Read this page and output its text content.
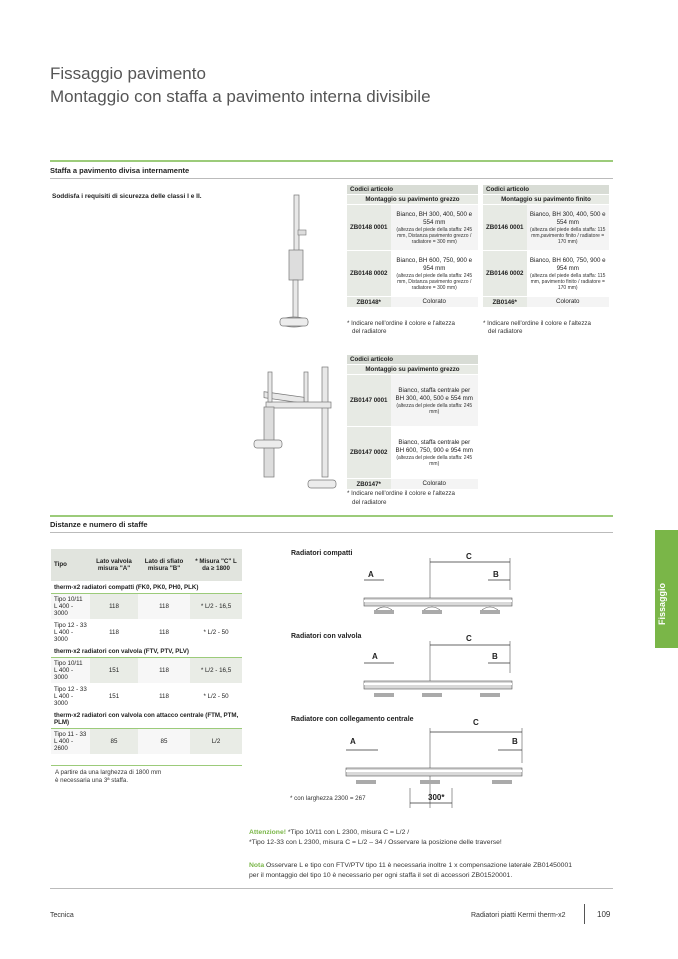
Fissaggio pavimento
Montaggio con staffa a pavimento interna divisibile
Staffa a pavimento divisa internamente
Soddisfa i requisiti di sicurezza delle classi I e II.
Codici articolo	
Montaggio su pavimento grezzo	
ZB0148 0001	Bianco, BH 300, 400, 500 e 554 mm
(altezza del piede della staffa: 245 mm, Distanza pavimento grezzo / radiatore = 300 mm)

ZB0148 0002	Bianco, BH 600, 750, 900 e 954 mm
(altezza del piede della staffa: 245 mm, Distanza pavimento grezzo / radiatore = 300 mm)

ZB0148*	Colorato
* Indicare nell'ordine il colore e l'altezza
del radiatore
Codici articolo	
Montaggio su pavimento finito	
ZB0146 0001	Bianco, BH 300, 400, 500 e 554 mm
(altezza del piede della staffa: 115 mm,pavimento finito / radiatore = 170 mm)

ZB0146 0002	Bianco, BH 600, 750, 900 e 954 mm
(altezza del piede della staffa: 115 mm, pavimento finito / radiatore = 170 mm)

ZB0146*	Colorato
* Indicare nell'ordine il colore e l'altezza
del radiatore
Codici articolo	
Montaggio su pavimento grezzo	
ZB0147 0001	Bianco, staffa centrale per BH 300, 400, 500 e 554 mm
(altezza del piede della staffa: 245 mm)

ZB0147 0002	Bianco, staffa centrale per BH 600, 750, 900 e 954 mm
(altezza del piede della staffa: 245 mm)

ZB0147*	Colorato
* Indicare nell'ordine il colore e l'altezza
del radiatore
Distanze e numero di staffe
Tipo	Lato valvola misura "A"	Lato di sfiato misura "B"	* Misura "C" L da ≥ 1800
therm-x2 radiatori compatti (FK0, PK0, PH0, PLK)			
Tipo 10/11
L 400 - 3000	118	118	* L/2 - 16,5
Tipo 12 - 33
L 400 - 3000	118	118	* L/2 - 50
therm-x2 radiatori con valvola (FTV, PTV, PLV)			
Tipo 10/11
L 400 - 3000	151	118	* L/2 - 16,5
Tipo 12 - 33
L 400 - 3000	151	118	* L/2 - 50
therm-x2 radiatori con valvola con attacco centrale (FTM, PTM, PLM)			
Tipo 11 - 33
L 400 - 2600	85	85	L/2
A partire da una larghezza di 1800 mm
è necessaria una 3ª staffa.
Radiatori compatti
Radiatori con valvola
Radiatore con collegamento centrale
C
A	B
C
A	B
C
A	B
300*
* con larghezza 2300 = 267
Attenzione! *Tipo 10/11 con L 2300, misura C = L/2 /
*Tipo 12-33 con L 2300, misura C = L/2 – 34 / Osservare la posizione delle traverse!
Nota Osservare L e tipo con FTV/PTV tipo 11 è necessaria inoltre 1 x compensazione laterale ZB01450001
per il montaggio del tipo 10 è necessario per ogni staffa il set di accessori ZB01520001.
Fissaggio
Tecnica	Radiatori piatti Kermi therm-x2	109
